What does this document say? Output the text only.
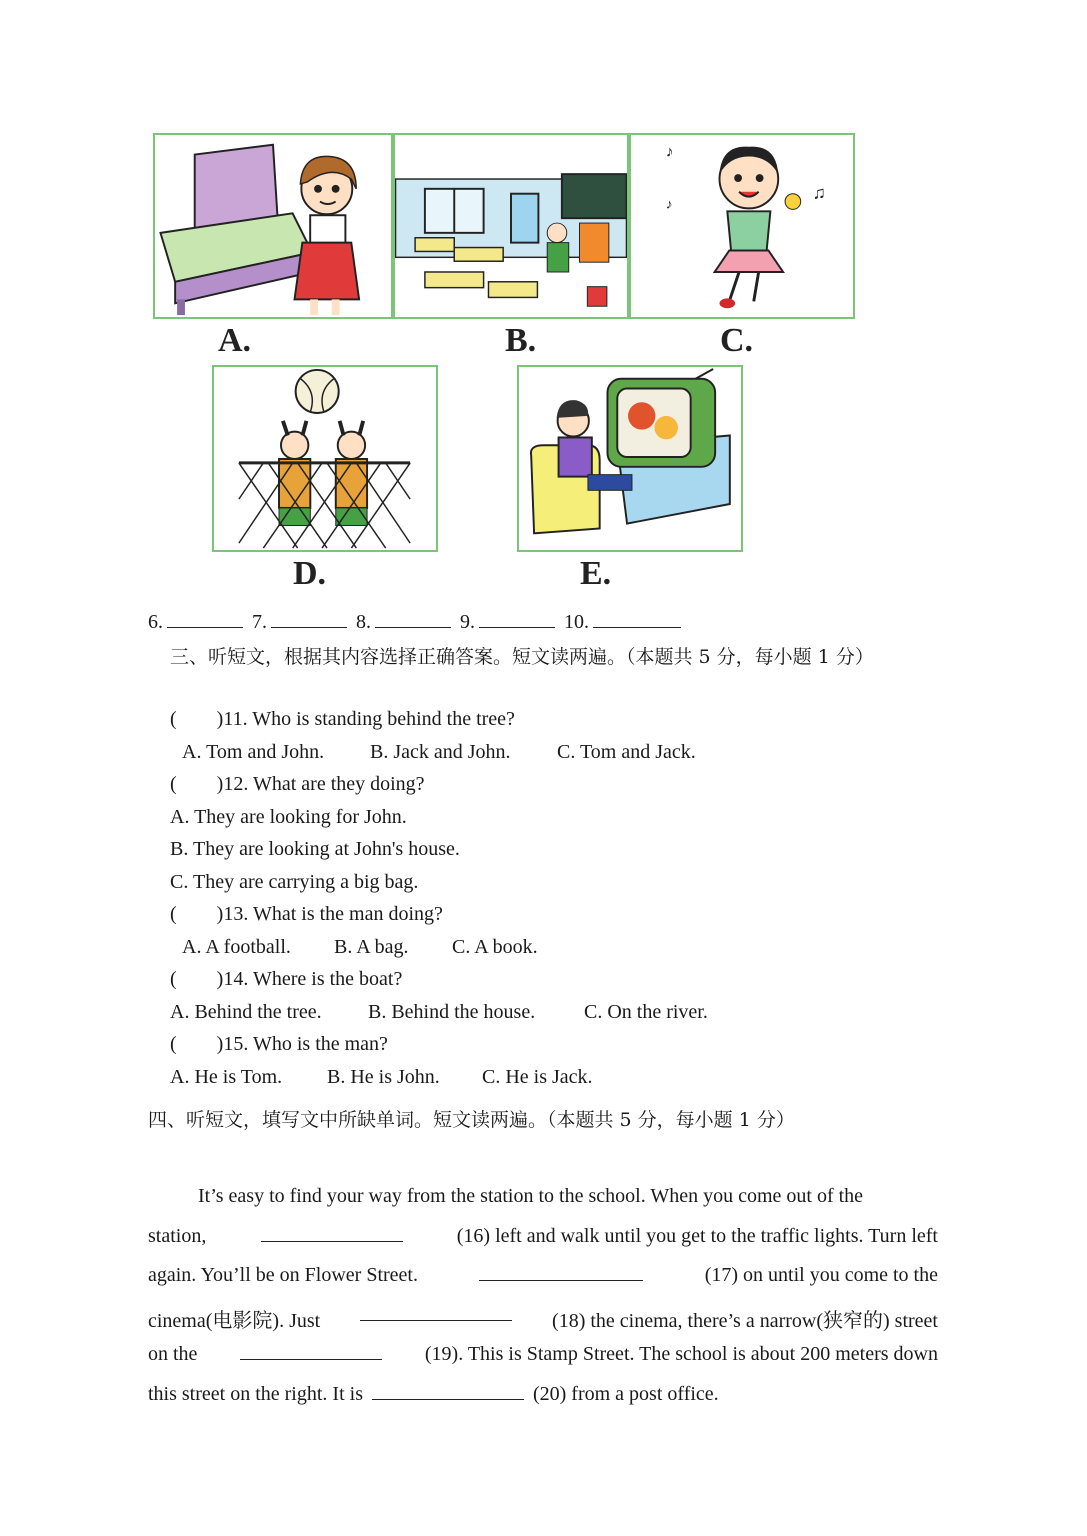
A.	B.
♪
♫
♪
C.
D.	E.
6.	7.	8.	9.	10.
三、听短文，根据其内容选择正确答案。短文读两遍。（本题共 5 分，每小题 1 分）
( )11. Who is standing behind the tree?
A. Tom and John. B. Jack and John. C. Tom and Jack.
( )12. What are they doing?
A. They are looking for John.
B. They are looking at John's house.
C. They are carrying a big bag.
( )13. What is the man doing?
A. A football. B. A bag. C. A book.
( )14. Where is the boat?
A. Behind the tree. B. Behind the house. C. On the river.
( )15. Who is the man?
A. He is Tom. B. He is John. C. He is Jack.
四、听短文，填写文中所缺单词。短文读两遍。（本题共 5 分，每小题 1 分）
It’s easy to find your way from the station to the school. When you come out of the
station,	(16) left and walk until you get to the traffic lights. Turn left
again. You’ll be on Flower Street.	(17) on until you come to the
cinema(电影院). Just	(18) the cinema, there’s a narrow(狭窄的) street
on the	(19). This is Stamp Street. The school is about 200 meters down
this street on the right. It is	(20) from a post office.
